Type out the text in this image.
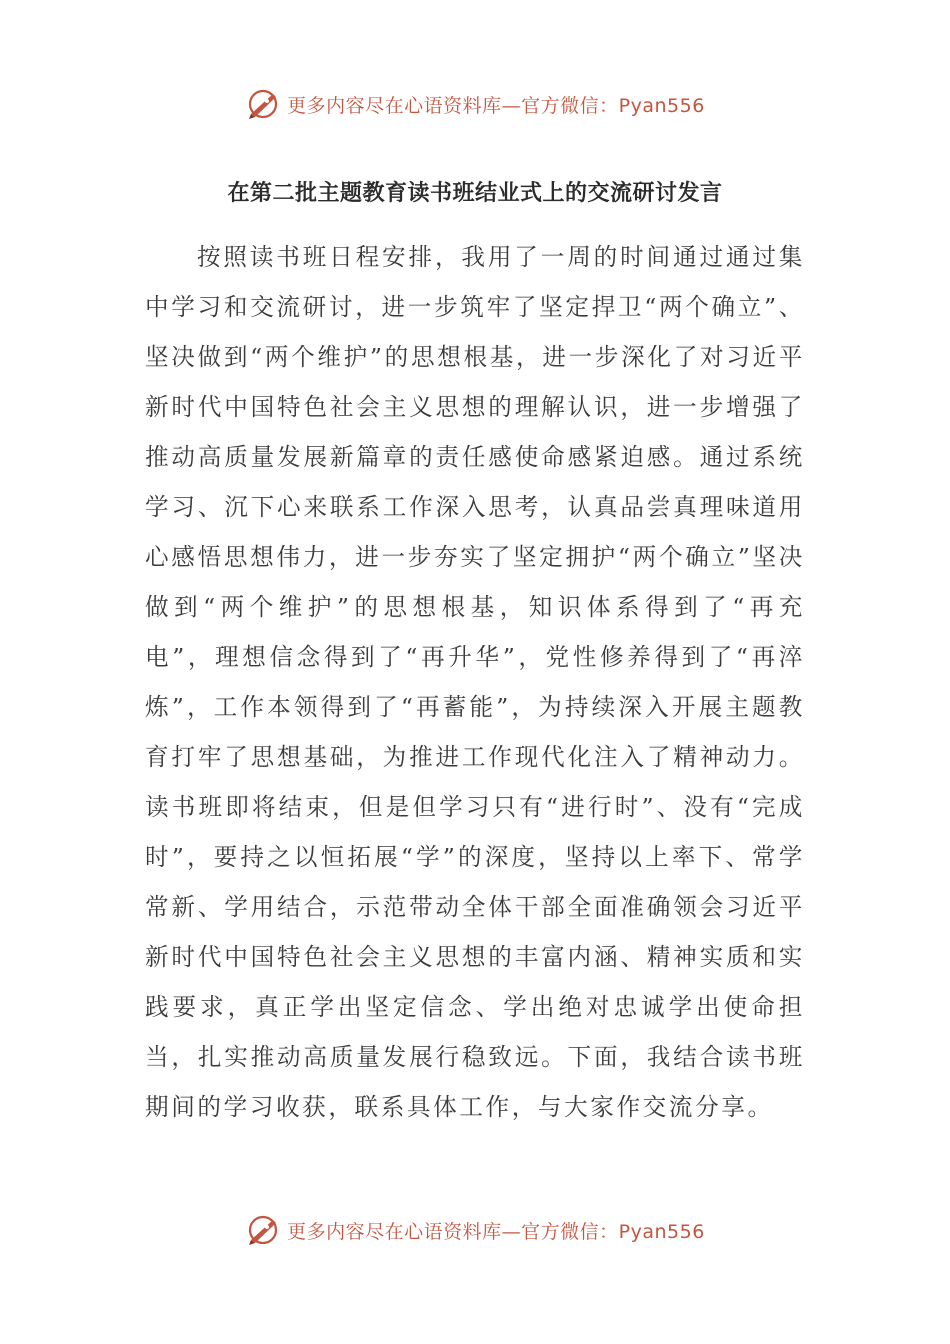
更多内容尽在心语资料库—官方微信：Pyan556
在第二批主题教育读书班结业式上的交流研讨发言

按照读书班日程安排，我用了一周的时间通过通过集中学习和交流研讨，进一步筑牢了坚定捍卫“两个确立”、坚决做到“两个维护”的思想根基，进一步深化了对习近平新时代中国特色社会主义思想的理解认识，进一步增强了推动高质量发展新篇章的责任感使命感紧迫感。通过系统学习、沉下心来联系工作深入思考，认真品尝真理味道用心感悟思想伟力，进一步夯实了坚定拥护“两个确立”坚决做到“两个维护”的思想根基，知识体系得到了“再充电”，理想信念得到了“再升华”，党性修养得到了“再淬炼”，工作本领得到了“再蓄能”，为持续深入开展主题教育打牢了思想基础，为推进工作现代化注入了精神动力。读书班即将结束，但是但学习只有“进行时”、没有“完成时”，要持之以恒拓展“学”的深度，坚持以上率下、常学常新、学用结合，示范带动全体干部全面准确领会习近平新时代中国特色社会主义思想的丰富内涵、精神实质和实践要求，真正学出坚定信念、学出绝对忠诚学出使命担当，扎实推动高质量发展行稳致远。下面，我结合读书班期间的学习收获，联系具体工作，与大家作交流分享。

更多内容尽在心语资料库—官方微信：Pyan556
